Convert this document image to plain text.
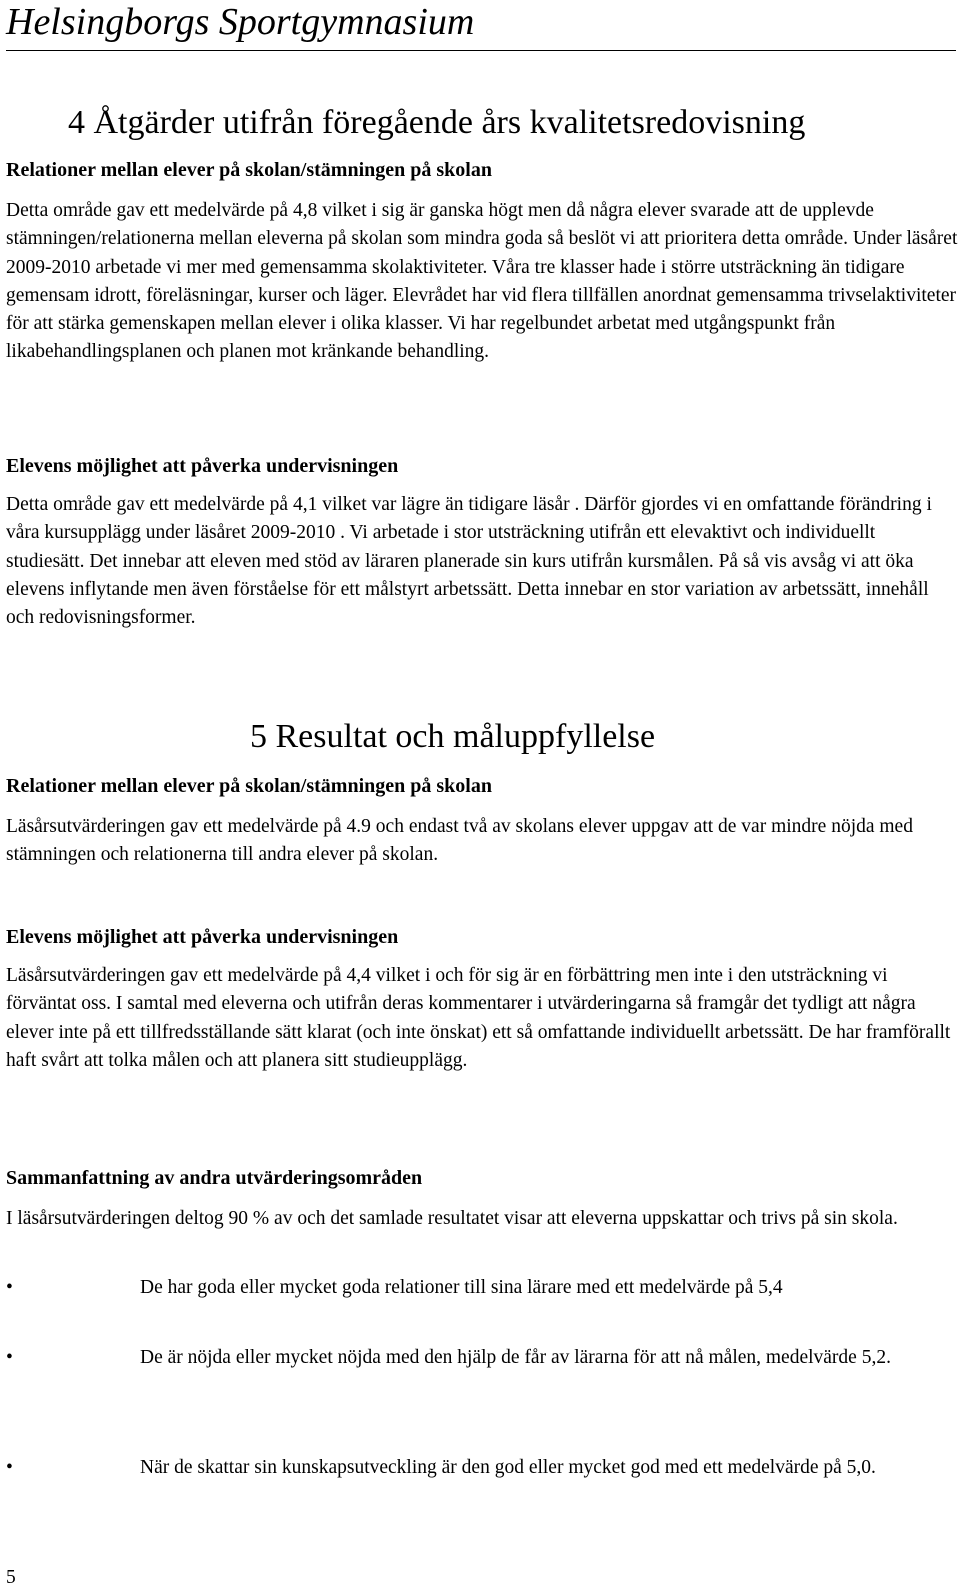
Helsingborgs Sportgymnasium
4 Åtgärder utifrån föregående års kvalitetsredovisning
Relationer mellan elever på skolan/stämningen på skolan
Detta område gav ett medelvärde på 4,8 vilket i sig är ganska högt men då några elever svarade att de upplevde stämningen/relationerna mellan eleverna på skolan som mindra goda så beslöt vi att prioritera detta område. Under läsåret 2009-2010 arbetade vi mer med gemensamma skolaktiviteter. Våra tre klasser hade i större utsträckning än tidigare gemensam idrott, föreläsningar, kurser och läger. Elevrådet har vid flera tillfällen anordnat gemensamma trivselaktiviteter för att stärka gemenskapen mellan elever i olika klasser. Vi har regelbundet arbetat med utgångspunkt från likabehandlingsplanen och planen mot kränkande behandling.
Elevens möjlighet att påverka undervisningen
Detta område gav ett medelvärde på 4,1 vilket var lägre än tidigare läsår . Därför gjordes vi en omfattande förändring i våra kursupplägg under läsåret 2009-2010 . Vi arbetade i stor utsträckning utifrån ett elevaktivt och individuellt studiesätt. Det innebar att eleven med stöd av läraren planerade sin kurs utifrån kursmålen. På så vis avsåg vi att öka elevens inflytande men även förståelse för ett målstyrt arbetssätt. Detta innebar en stor variation av arbetssätt, innehåll och redovisningsformer.
5 Resultat och måluppfyllelse
Relationer mellan elever på skolan/stämningen på skolan
Läsårsutvärderingen gav ett medelvärde på 4.9 och endast två av skolans elever uppgav att de var mindre nöjda med stämningen och relationerna till andra elever på skolan.
Elevens möjlighet att påverka undervisningen
Läsårsutvärderingen gav ett medelvärde på 4,4 vilket i och för sig är en förbättring men inte i den utsträckning vi förväntat oss. I samtal med eleverna och utifrån deras kommentarer i utvärderingarna så framgår det tydligt att några elever inte på ett tillfredsställande sätt klarat (och inte önskat) ett så omfattande individuellt arbetssätt. De har framförallt haft svårt att tolka målen och att planera sitt studieupplägg.
Sammanfattning av andra utvärderingsområden
I läsårsutvärderingen deltog 90 % av och det samlade resultatet visar att eleverna uppskattar och trivs på sin skola.
•	De har goda eller mycket goda relationer till sina lärare med ett medelvärde på 5,4
•	De är nöjda eller mycket nöjda med den hjälp de får av lärarna för att nå målen, medelvärde 5,2.
•	När de skattar sin kunskapsutveckling är den god eller mycket god med ett medelvärde på 5,0.
5
